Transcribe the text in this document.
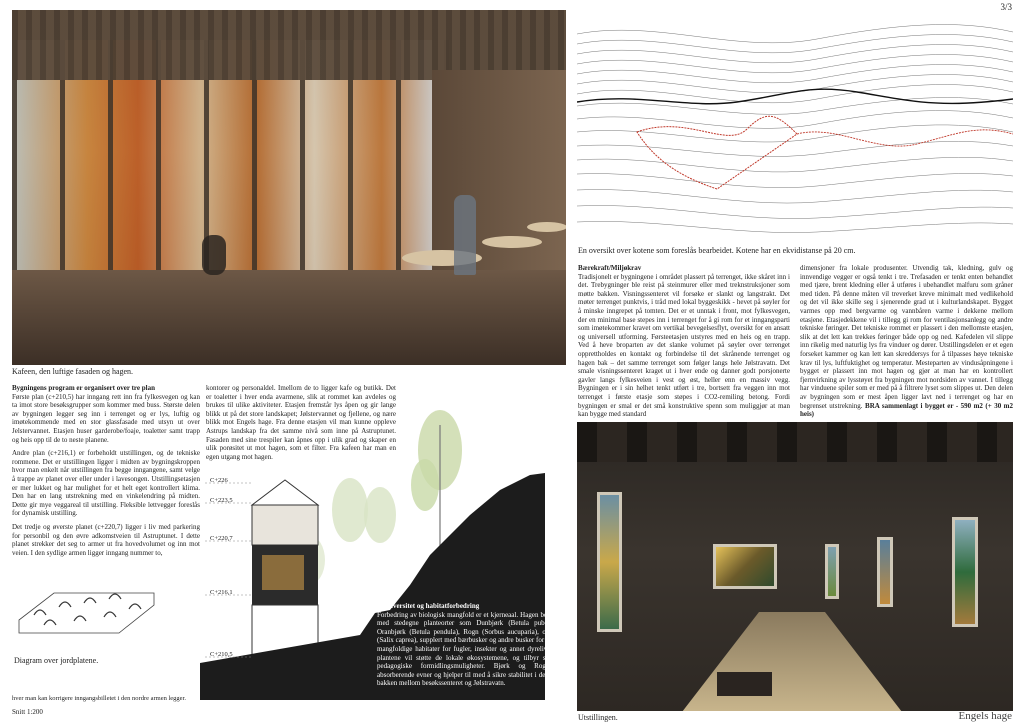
3/3
Kafeen, den luftige fasaden og hagen.

Bygningens program er organisert over tre plan
Første plan (c+210,5) har inngang rett inn fra fylkesvegen og kan ta imot store besøksgrupper som kommer med buss. Største delen av bygningen legger seg inn i terrenget og er lys, luftig og imøtekommende med en stor glassfasade med utsyn ut over Jelstervannet. Etasjen huser garderobe/foaje, toaletter samt trapp og heis opp til de to neste planene.

Andre plan (c+216,1) er forbeholdt utstillingen, og de tekniske rommene. Det er utstillingen ligger i midten av bygningskroppen hvor man enkelt når utstillingen fra begge inngangene, samt velge å trappe av planet over eller under i lavesongen. Utstillingsetasjen er mer lukket og har mulighet for et helt eget kontrollert klima. Den har en lang utstrekning med en vinkelendring på midten. Dette gir mye veggareal til utstilling. Fleksible lettvegger foreslås for dynamisk utstilling.

Det tredje og øverste planet (c+220,7) ligger i liv med parkering for personbil og den øvre adkomstveien til Astruptunet. I dette planet strekker det seg to armer ut fra hovedvolumet og inn mot veien. I den sydlige armen ligger inngang nummer to,

kontorer og personaldel. Imellom de to ligger kafe og butikk. Det er toaletter i hver enda avarmene, slik at rommet kan avdeles og brukes til ulike aktiviteter. Etasjen fremstår lys åpen og gir lange blikk ut på det store landskapet; Jølstervannet og fjellene, og nære blikk mot Engels hage. Fra denne etasjen vil man kunne oppleve Astrups landskap fra det samme nivå som inne på Astruptunet. Fasaden med sine trespiler kan åpnes opp i ulik grad og skaper en ulik porøsitet ut mot hagen, som et filter. Fra kafeen har man en egen utgang mot hagen.
Diagram over jordplatene.
C+226
C+223,5
C+220,7
C+216,1
C+210,5
Biodiversitet og habitatforbedring
Forbedring av biologisk mangfold er et kjerneaal. Hagen beplantes med stedegne planteorter som Dunbjørk (Betula pubescens), Oranbjørk (Betula pendula), Rogn (Sorbus aucuparia), og Selje (Salix caprea), supplert med bærbusker og andre busker for å skape mangfoldige habitater for fugler, insekter og annet dyreliv. Disse plantene vil støtte de lokale økosystemene, og tilbyr samtidig pedagogiske formidlingsmuligheter. Bjørk og Rogn har absorberende evner og hjelper til med å sikre stabilitet i den bratte bakken mellom besøkssenteret og Jølstravatn.
hver man kan korrigere inngangsbilletet i den nordre armen legger.
Snitt 1:200
En oversikt over kotene som foreslås bearbeidet. Kotene har en ekvidistanse på 20 cm.
Bærekraft/Miljøkrav
Tradisjonelt er bygningene i området plassert på terrenget, ikke skåret inn i det. Trebygninger ble reist på steinmurer eller med treknstruksjoner som møtte bakken. Visningssenteret vil forsøke er slankt og langstrakt. Det møter terrenget punktvis, i tråd med lokal byggeskikk - hevet på søyler for å minske inngrepet på tomten. Det er et unntak i front, mot fylkesvegen, der en minimal base stepes inn i terrenget for å gi rom for et inngangsparti som imøtekommer kravet om vertikal bevegelsesflyt, oversikt for en ansatt og universell utforming. Førsteetasjen utstyres med en heis og en trapp. Ved å heve broparten av det slanke volumet på søyler over terrenget opprettholdes en kontakt og forbindelse til det skrånende terrenget og hagen bak – det samme terrenget som følger langs hele Jølstravatn. Det smale visningssenteret kraget ut i hver ende og danner godt porsjonerte gavler langs fylkesveien i vest og øst, heller enn en massiv vegg. Bygningen er i sin helhet tenkt utført i tre, bortsett fra veggen inn mot terrenget i første etasje som støpes i CO2-remiling betong. Fordi bygningen er smal er det små konstruktive spenn som muliggjør at man kan bygge med standard
dimensjoner fra lokale produsenter. Utvendig tak, kledning, gulv og innvendige vegger er også tenkt i tre. Trefasaden er tenkt enten behandlet med tjære, brent kledning eller å utføres i ubehandlet malfuru som gråner med tiden. På denne måten vil treverket kreve minimalt med vedlikehold og det vil ikke skille seg i sjenerende grad ut i kulturlandskapet. Bygget varmes opp med bergvarme og vannbåren varme i dekkene mellom etasjene. Etasjedekkene vil i tillegg gi rom for ventilasjonsanlegg og andre tekniske føringer. Det tekniske rommet er plassert i den mellomste etasjen, slik at det lett kan trekkes føringer både opp og ned. Kafedelen vil slippe inn rikelig med naturlig lys fra vinduer og dører. Utstillingsdelen er et egen forseket kammer og kan lett kan skreddersys for å tilpasses høye tekniske krav til lys, luftfuktighet og temperatur. Mesteparten av vindusåpningene i bygget er plassert inn mot hagen og gjør at man har en kontrollert fjernvirkning av lysstøyet fra bygningen mot nordsiden av vannet. I tillegg har vinduene spiler som er med på å filtrere lyset som slippes ut. Den delen av bygningen som er mest åpen ligger lavt ned i terrenget og har en begrenset utstrekning. BRA sammenlagt i bygget er - 590 m2 (+ 30 m2 heis)
Utstillingen.	Engels hage
